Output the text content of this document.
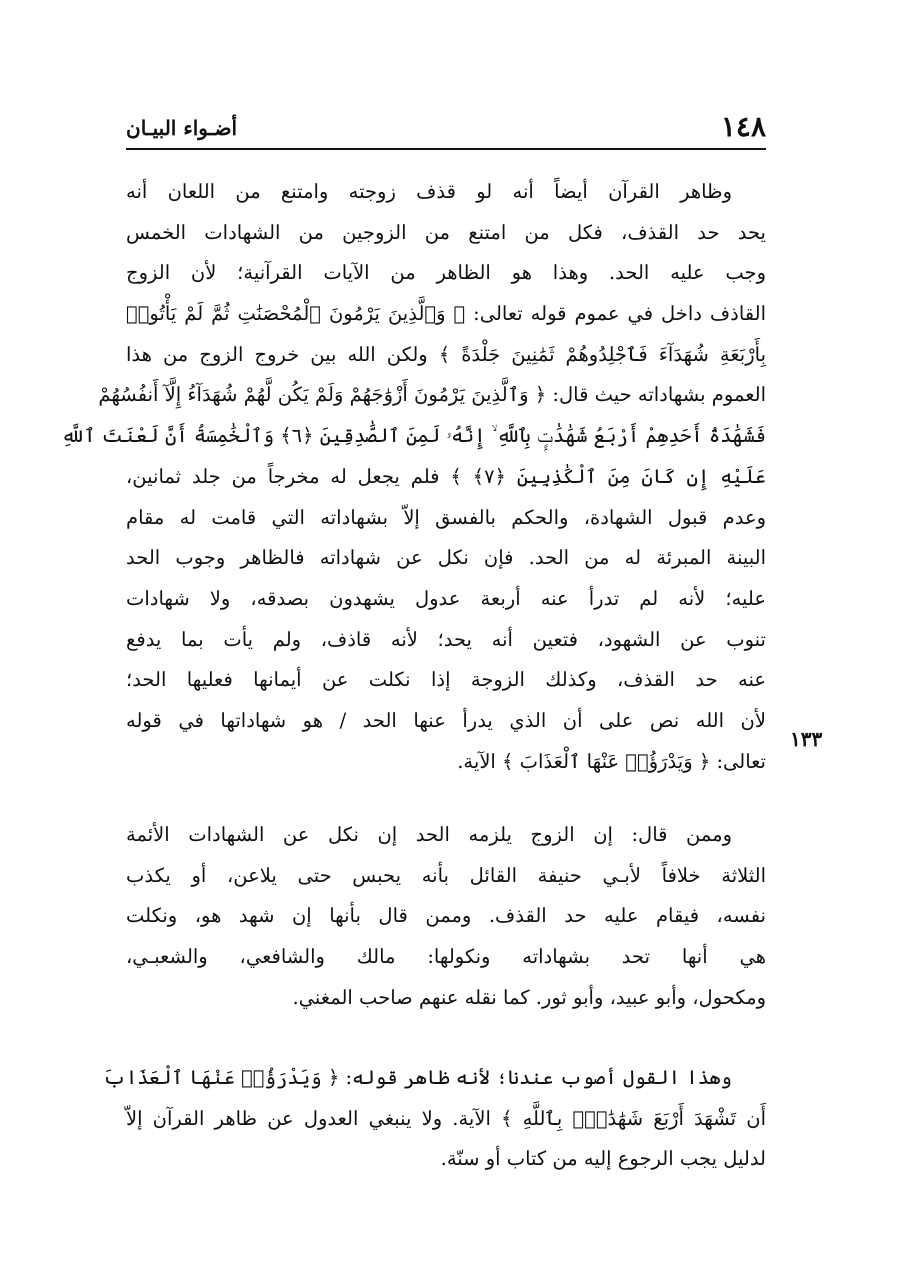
١٤٨
أضـواء البيـان
١٣٣
وظاهر القرآن أيضاً أنه لو قذف زوجته وامتنع من اللعان أنه
يحد حد القذف، فكل من امتنع من الزوجين من الشهادات الخمس
وجب عليه الحد. وهذا هو الظاهر من الآيات القرآنية؛ لأن الزوج
القاذف داخل في عموم قوله تعالى: ﴿ وَٱلَّذِينَ يَرْمُونَ ٱلْمُحْصَنَٰتِ ثُمَّ لَمْ يَأْتُوا۟
بِأَرْبَعَةِ شُهَدَآءَ فَٱجْلِدُوهُمْ ثَمَٰنِينَ جَلْدَةً ﴾ ولكن الله بين خروج الزوج من هذا
العموم بشهاداته حيث قال: ﴿ وَٱلَّذِينَ يَرْمُونَ أَزْوَٰجَهُمْ وَلَمْ يَكُن لَّهُمْ شُهَدَآءُ إِلَّآ أَنفُسُهُمْ
فَشَهَٰدَةُ أَحَدِهِمْ أَرْبَعُ شَهَٰدَٰتٍۭ بِٱللَّهِ ۙ إِنَّهُۥ لَمِنَ ٱلصَّٰدِقِينَ ﴿٦﴾ وَٱلْخَٰمِسَةُ أَنَّ لَعْنَتَ ٱللَّهِ
عَلَيْهِ إِن كَانَ مِنَ ٱلْكَٰذِبِينَ ﴿٧﴾ ﴾ فلم يجعل له مخرجاً من جلد ثمانين،
وعدم قبول الشهادة، والحكم بالفسق إلاّ بشهاداته التي قامت له مقام
البينة المبرئة له من الحد. فإن نكل عن شهاداته فالظاهر وجوب الحد
عليه؛ لأنه لم تدرأ عنه أربعة عدول يشهدون بصدقه، ولا شهادات
تنوب عن الشهود، فتعين أنه يحد؛ لأنه قاذف، ولم يأت بما يدفع
عنه حد القذف، وكذلك الزوجة إذا نكلت عن أيمانها فعليها الحد؛
لأن الله نص على أن الذي يدرأ عنها الحد / هو شهاداتها في قوله
تعالى: ﴿ وَيَدْرَؤُا۟ عَنْهَا ٱلْعَذَابَ ﴾ الآية.
وممن قال: إن الزوج يلزمه الحد إن نكل عن الشهادات الأئمة
الثلاثة خلافاً لأبـي حنيفة القائل بأنه يحبس حتى يلاعن، أو يكذب
نفسه، فيقام عليه حد القذف. وممن قال بأنها إن شهد هو، ونكلت
هي أنها تحد بشهاداته ونكولها: مالك والشافعي، والشعبـي،
ومكحول، وأبو عبيد، وأبو ثور. كما نقله عنهم صاحب المغني.
وهذا القول أصوب عندنا؛ لأنه ظاهر قوله: ﴿ وَيَدْرَؤُا۟ عَنْهَا ٱلْعَذَابَ
أَن تَشْهَدَ أَرْبَعَ شَهَٰدَٰتٍۭ بِٱللَّهِ ﴾ الآية. ولا ينبغي العدول عن ظاهر القرآن إلاّ
لدليل يجب الرجوع إليه من كتاب أو سنّة.
